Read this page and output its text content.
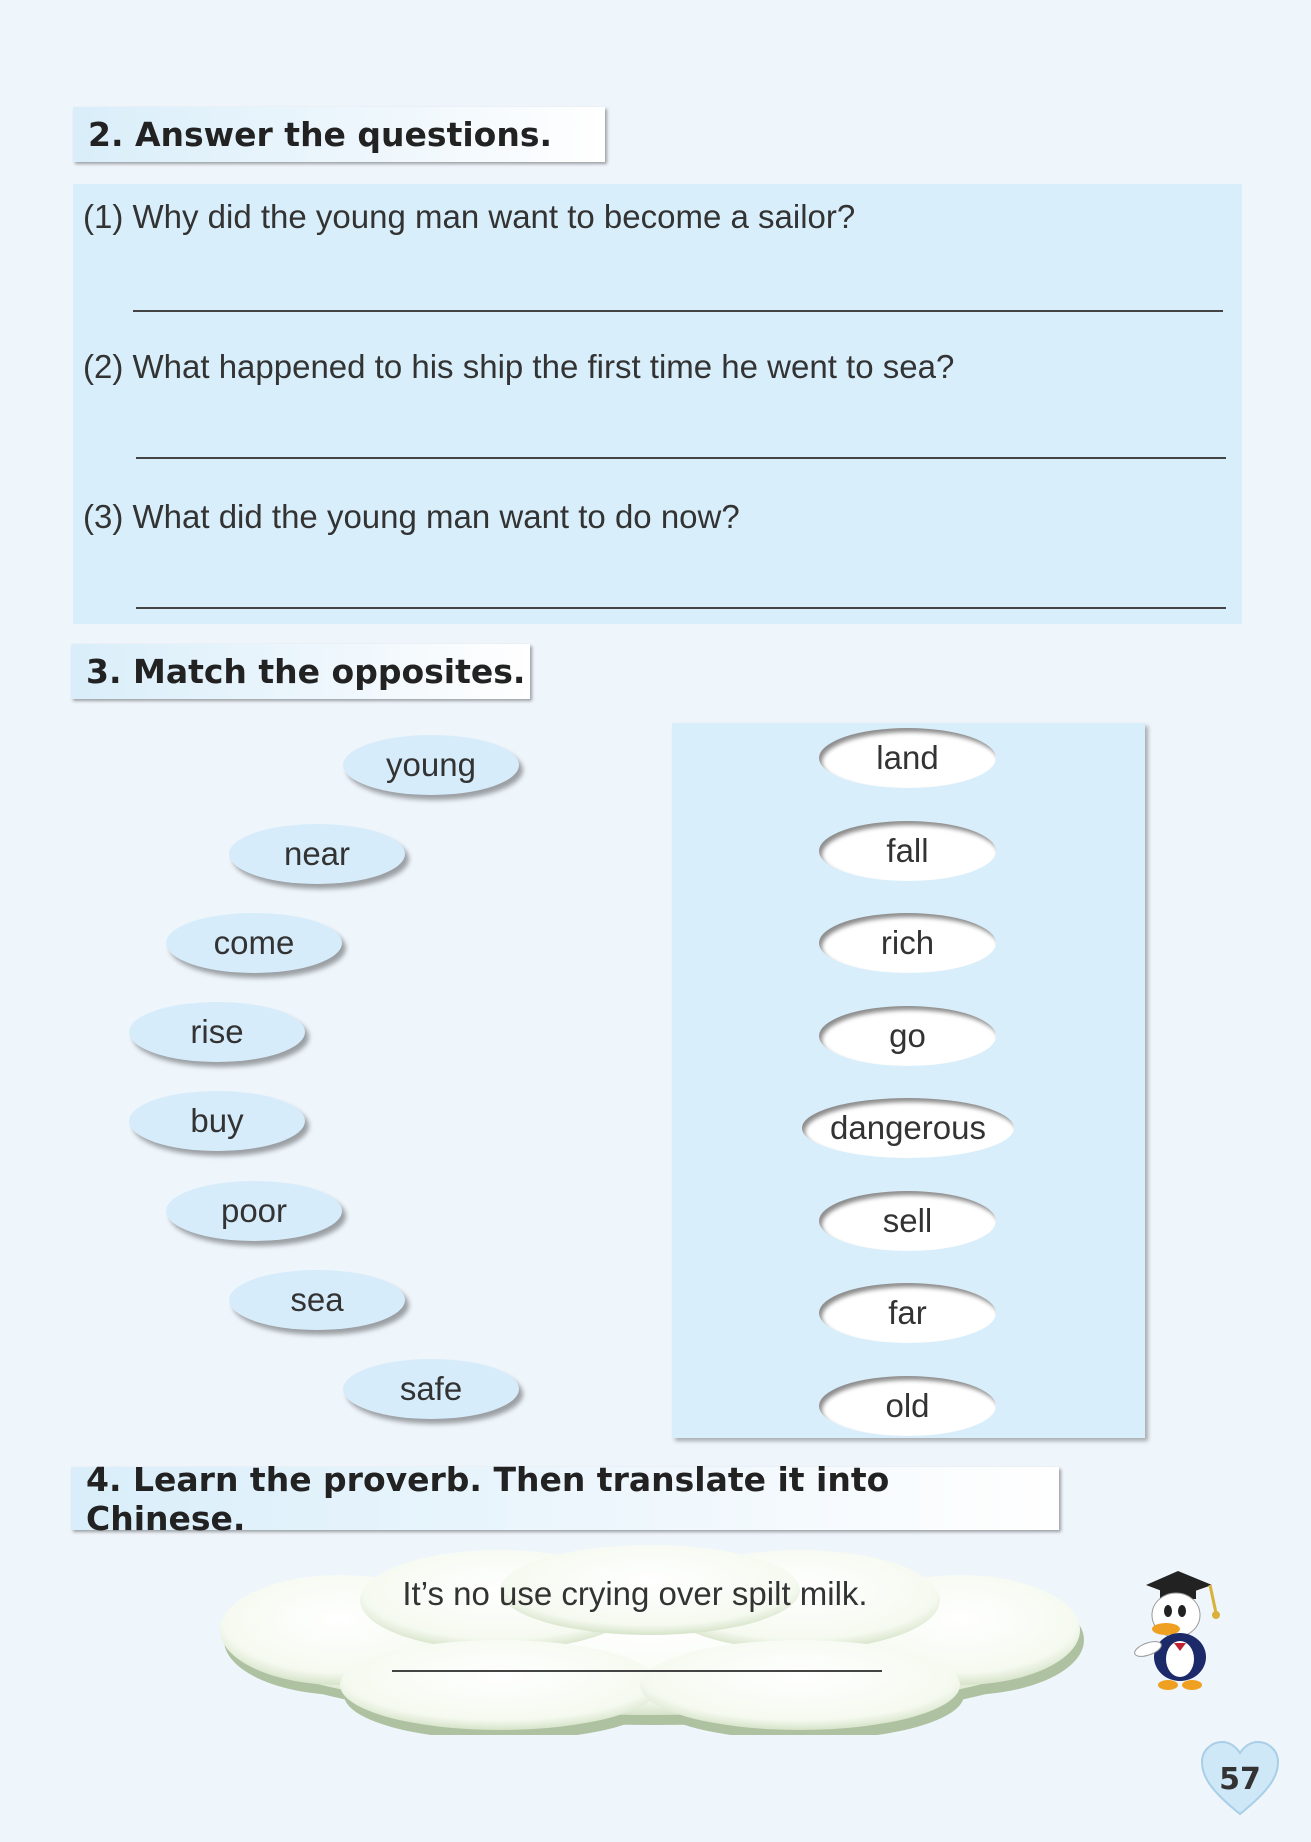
2. Answer the questions.
(1) Why did the young man want to become a sailor?
(2) What happened to his ship the first time he went to sea?
(3) What did the young man want to do now?
3. Match the opposites.
young
near
come
rise
buy
poor
sea
safe
land
fall
rich
go
dangerous
sell
far
old
4. Learn the proverb. Then translate it into Chinese.
It’s no use crying over spilt milk.
57
